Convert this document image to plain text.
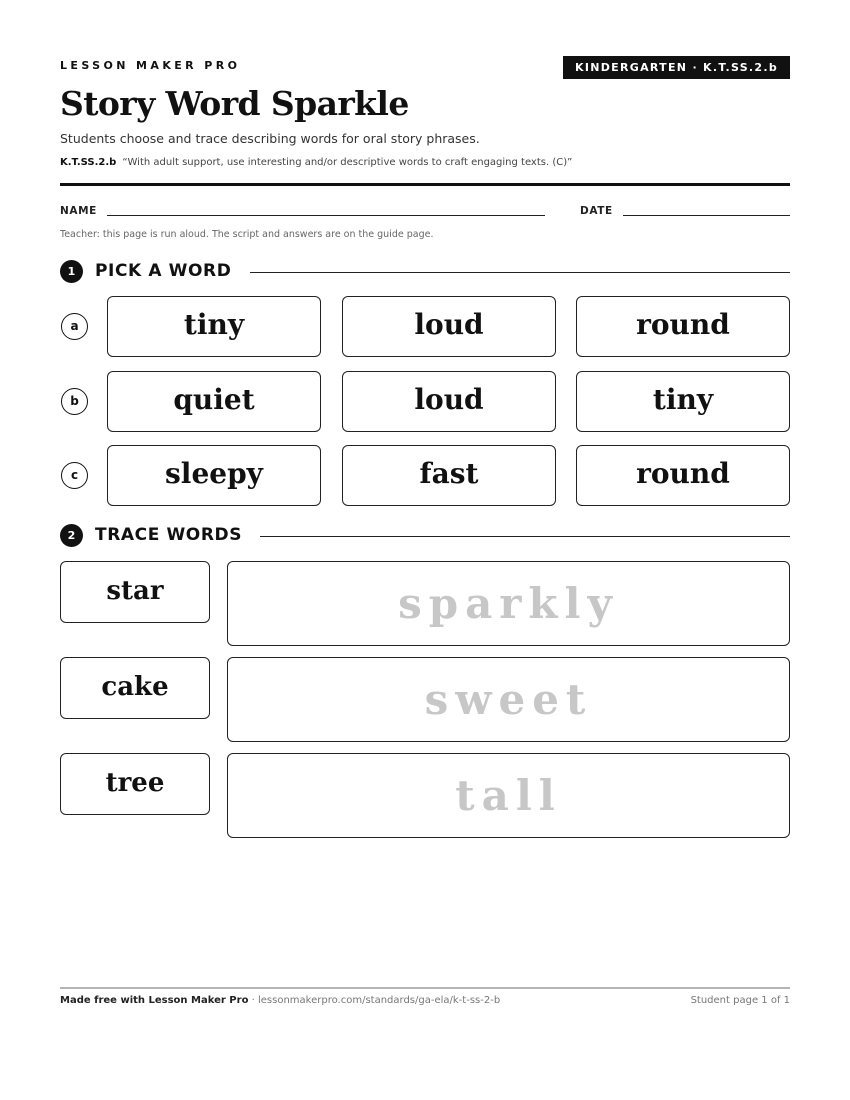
LESSON MAKER PRO	KINDERGARTEN · K.T.SS.2.b
Story Word Sparkle
Students choose and trace describing words for oral story phrases.
K.T.SS.2.b “With adult support, use interesting and/or descriptive words to craft engaging texts. (C)”
NAME	DATE
Teacher: this page is run aloud. The script and answers are on the guide page.
1	PICK A WORD
a	tiny	loud	round
b	quiet	loud	tiny
c	sleepy	fast	round
2	TRACE WORDS
star	sparkly
cake	sweet
tree	tall
Made free with Lesson Maker Pro · lessonmakerpro.com/standards/ga-ela/k-t-ss-2-b	Student page 1 of 1
